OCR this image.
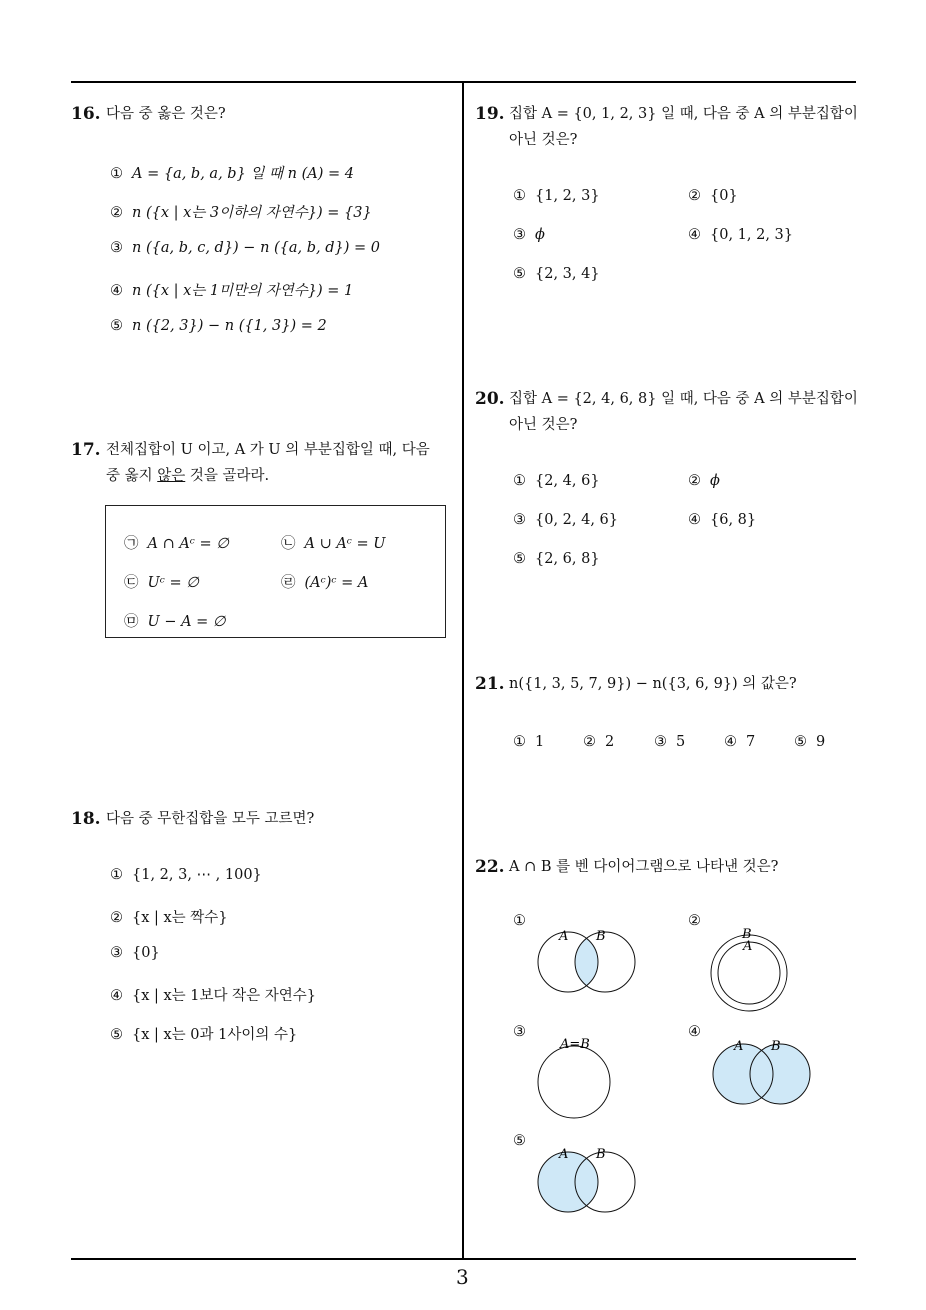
3
16. 다음 중 옳은 것은?
① A = {a, b, a, b} 일 때 n (A) = 4
② n ({x | x는 3이하의 자연수}) = {3}
③ n ({a, b, c, d}) − n ({a, b, d}) = 0
④ n ({x | x는 1미만의 자연수}) = 1
⑤ n ({2, 3}) − n ({1, 3}) = 2
17. 전체집합이 U 이고, A 가 U 의 부분집합일 때, 다음
중 옳지 않은 것을 골라라.
㉠ A ∩ Aᶜ = ∅	㉡ A ∪ Aᶜ = U
㉢ Uᶜ = ∅	㉣ (Aᶜ)ᶜ = A
㉤ U − A = ∅
18. 다음 중 무한집합을 모두 고르면?
① {1, 2, 3, ⋯ , 100}
② {x | x는 짝수}
③ {0}
④ {x | x는 1보다 작은 자연수}
⑤ {x | x는 0과 1사이의 수}
19. 집합 A = {0, 1, 2, 3} 일 때, 다음 중 A 의 부분집합이
아닌 것은?
① {1, 2, 3}	② {0}
③ ϕ	④ {0, 1, 2, 3}
⑤ {2, 3, 4}
20. 집합 A = {2, 4, 6, 8} 일 때, 다음 중 A 의 부분집합이
아닌 것은?
① {2, 4, 6}	② ϕ
③ {0, 2, 4, 6}	④ {6, 8}
⑤ {2, 6, 8}
21. n({1, 3, 5, 7, 9}) − n({3, 6, 9}) 의 값은?
① 1	② 2	③ 5	④ 7	⑤ 9
22. A ∩ B 를 벤 다이어그램으로 나타낸 것은?
①	②
③	④
⑤
A B	B
A
A=B	A B
A B
